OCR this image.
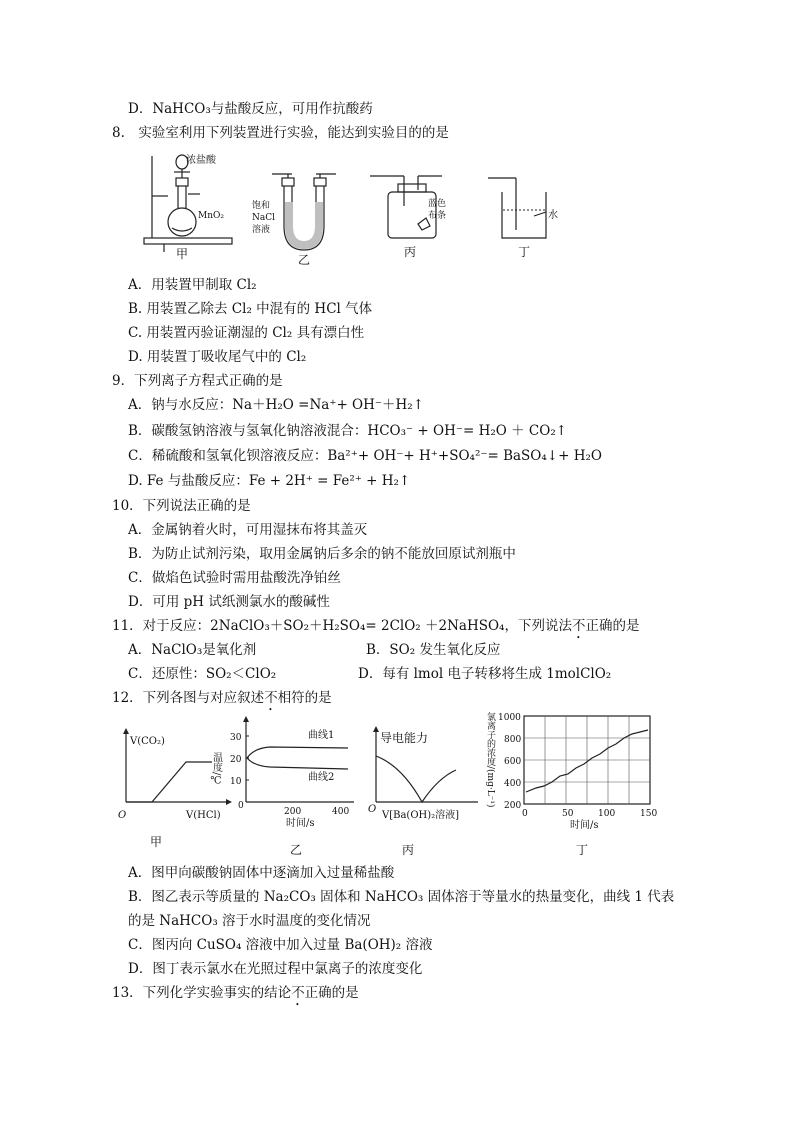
D．NaHCO₃与盐酸反应，可用作抗酸药
8.　实验室利用下列装置进行实验，能达到实验目的的是
浓盐酸
MnO₂
甲
饱和
NaCl
溶液
乙
蓝色
布条
丙
水
丁
A．用装置甲制取 Cl₂
B. 用装置乙除去 Cl₂ 中混有的 HCl 气体
C. 用装置丙验证潮湿的 Cl₂ 具有漂白性
D. 用装置丁吸收尾气中的 Cl₂
9．下列离子方程式正确的是
A．钠与水反应：Na＋H₂O =Na⁺+ OH⁻＋H₂↑
B．碳酸氢钠溶液与氢氧化钠溶液混合：HCO₃⁻ + OH⁻= H₂O ＋ CO₂↑
C．稀硫酸和氢氧化钡溶液反应：Ba²⁺+ OH⁻+ H⁺+SO₄²⁻= BaSO₄↓+ H₂O
D. Fe 与盐酸反应：Fe + 2H⁺ = Fe²⁺ + H₂↑
10．下列说法正确的是
A．金属钠着火时，可用湿抹布将其盖灭
B．为防止试剂污染，取用金属钠后多余的钠不能放回原试剂瓶中
C．做焰色试验时需用盐酸洗净铂丝
D．可用 pH 试纸测氯水的酸碱性
11．对于反应：2NaClO₃＋SO₂＋H₂SO₄= 2ClO₂ ＋2NaHSO₄，下列说法不正确的是
A．NaClO₃是氧化剂	B．SO₂ 发生氧化反应
C．还原性：SO₂＜ClO₂	D．每有 lmol 电子转移将生成 1molClO₂
12．下列各图与对应叙述不相符的是
V(CO₂)
V(HCl)
O
甲
30
20
10
0
200	400
曲线1
曲线2
温度/℃
时间/s
乙
导电能力
V[Ba(OH)₂溶液]
O
丙
1000
800
600
400
200
0	50	100	150
氯离子的浓度/(mg·L⁻¹)
时间/s
丁
A．图甲向碳酸钠固体中逐滴加入过量稀盐酸
B．图乙表示等质量的 Na₂CO₃ 固体和 NaHCO₃ 固体溶于等量水的热量变化，曲线 1 代表
的是 NaHCO₃ 溶于水时温度的变化情况
C．图丙向 CuSO₄ 溶液中加入过量 Ba(OH)₂ 溶液
D．图丁表示氯水在光照过程中氯离子的浓度变化
13．下列化学实验事实的结论不正确的是
